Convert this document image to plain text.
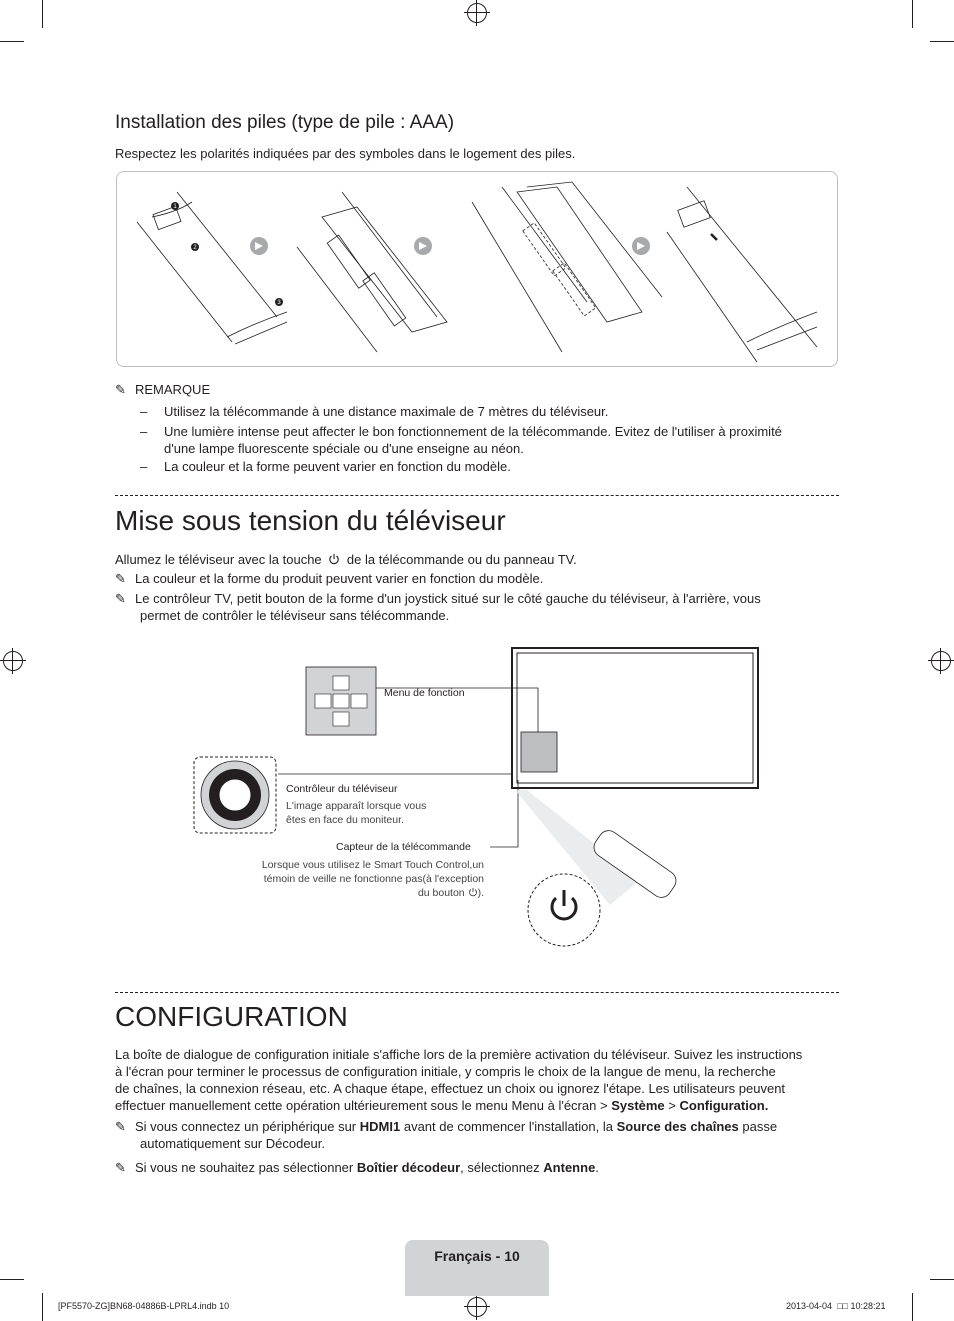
Installation des piles (type de pile : AAA)
Respectez les polarités indiquées par des symboles dans le logement des piles.
1
2
3
✎ REMARQUE
– Utilisez la télécommande à une distance maximale de 7 mètres du téléviseur.
– Une lumière intense peut affecter le bon fonctionnement de la télécommande. Evitez de l'utiliser à proximité
d'une lampe fluorescente spéciale ou d'une enseigne au néon.
– La couleur et la forme peuvent varier en fonction du modèle.
Mise sous tension du téléviseur
Allumez le téléviseur avec la touche de la télécommande ou du panneau TV.
✎ La couleur et la forme du produit peuvent varier en fonction du modèle.
✎ Le contrôleur TV, petit bouton de la forme d'un joystick situé sur le côté gauche du téléviseur, à l'arrière, vous
permet de contrôler le téléviseur sans télécommande.
Menu de fonction
Contrôleur du téléviseur
L'image apparaît lorsque vous
êtes en face du moniteur.
Capteur de la télécommande
Lorsque vous utilisez le Smart Touch Control,un
témoin de veille ne fonctionne pas(à l'exception
du bouton ).
CONFIGURATION
La boîte de dialogue de configuration initiale s'affiche lors de la première activation du téléviseur. Suivez les instructions
à l'écran pour terminer le processus de configuration initiale, y compris le choix de la langue de menu, la recherche
de chaînes, la connexion réseau, etc. A chaque étape, effectuez un choix ou ignorez l'étape. Les utilisateurs peuvent
effectuer manuellement cette opération ultérieurement sous le menu Menu à l'écran > Système > Configuration.
✎ Si vous connectez un périphérique sur HDMI1 avant de commencer l'installation, la Source des chaînes passe
automatiquement sur Décodeur.
✎ Si vous ne souhaitez pas sélectionner Boîtier décodeur, sélectionnez Antenne.
Français - 10
[PF5570-ZG]BN68-04886B-LPRL4.indb 10	2013-04-04 □□ 10:28:21
